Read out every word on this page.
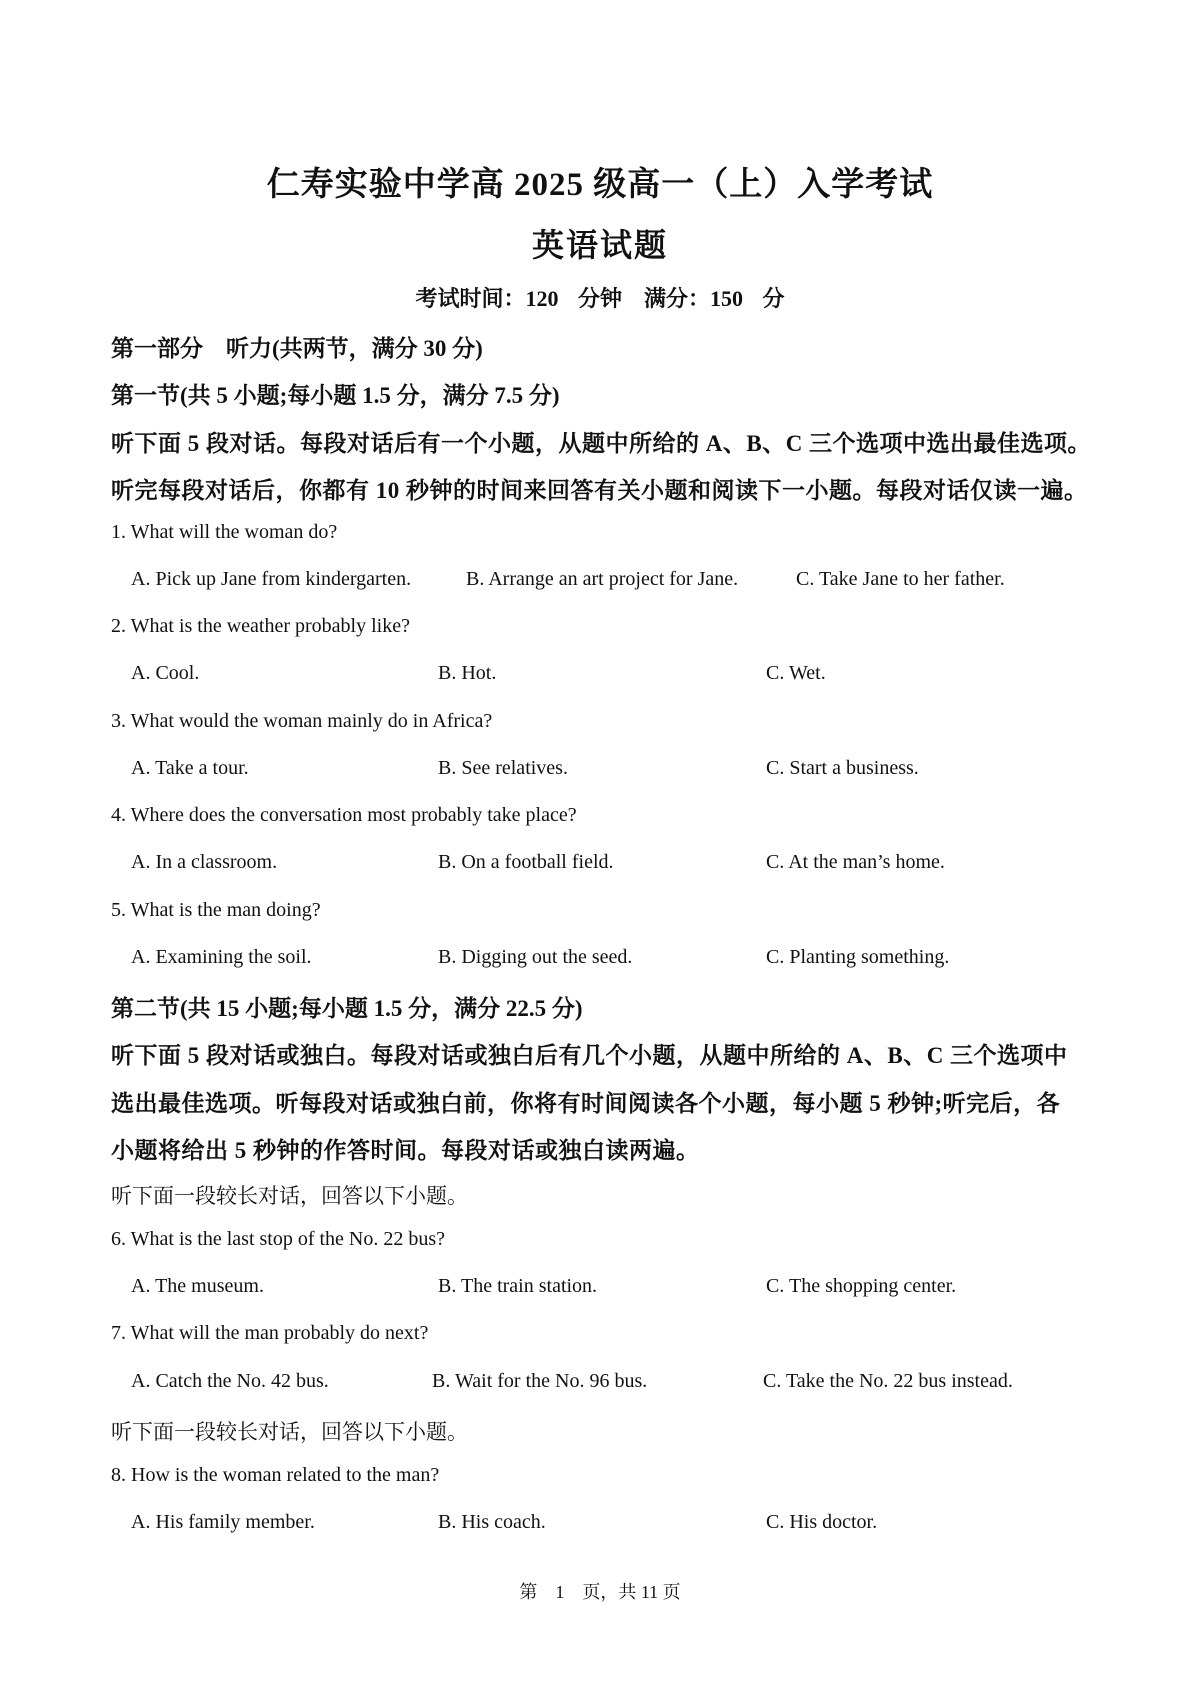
仁寿实验中学高 2025 级高一（上）入学考试
英语试题
考试时间：120 分钟　满分：150 分
第一部分　听力(共两节，满分 30 分)
第一节(共 5 小题;每小题 1.5 分，满分 7.5 分)
听下面 5 段对话。每段对话后有一个小题，从题中所给的 A、B、C 三个选项中选出最佳选项。
听完每段对话后，你都有 10 秒钟的时间来回答有关小题和阅读下一小题。每段对话仅读一遍。
1. What will the woman do?
A. Pick up Jane from kindergarten.	B. Arrange an art project for Jane.	C. Take Jane to her father.
2. What is the weather probably like?
A. Cool.	B. Hot.	C. Wet.
3. What would the woman mainly do in Africa?
A. Take a tour.	B. See relatives.	C. Start a business.
4. Where does the conversation most probably take place?
A. In a classroom.	B. On a football field.	C. At the man’s home.
5. What is the man doing?
A. Examining the soil.	B. Digging out the seed.	C. Planting something.
第二节(共 15 小题;每小题 1.5 分，满分 22.5 分)
听下面 5 段对话或独白。每段对话或独白后有几个小题，从题中所给的 A、B、C 三个选项中
选出最佳选项。听每段对话或独白前，你将有时间阅读各个小题，每小题 5 秒钟;听完后，各
小题将给出 5 秒钟的作答时间。每段对话或独白读两遍。
听下面一段较长对话，回答以下小题。
6. What is the last stop of the No. 22 bus?
A. The museum.	B. The train station.	C. The shopping center.
7. What will the man probably do next?
A. Catch the No. 42 bus.	B. Wait for the No. 96 bus.	C. Take the No. 22 bus instead.
听下面一段较长对话，回答以下小题。
8. How is the woman related to the man?
A. His family member.	B. His coach.	C. His doctor.
第　1　页，共 11 页
